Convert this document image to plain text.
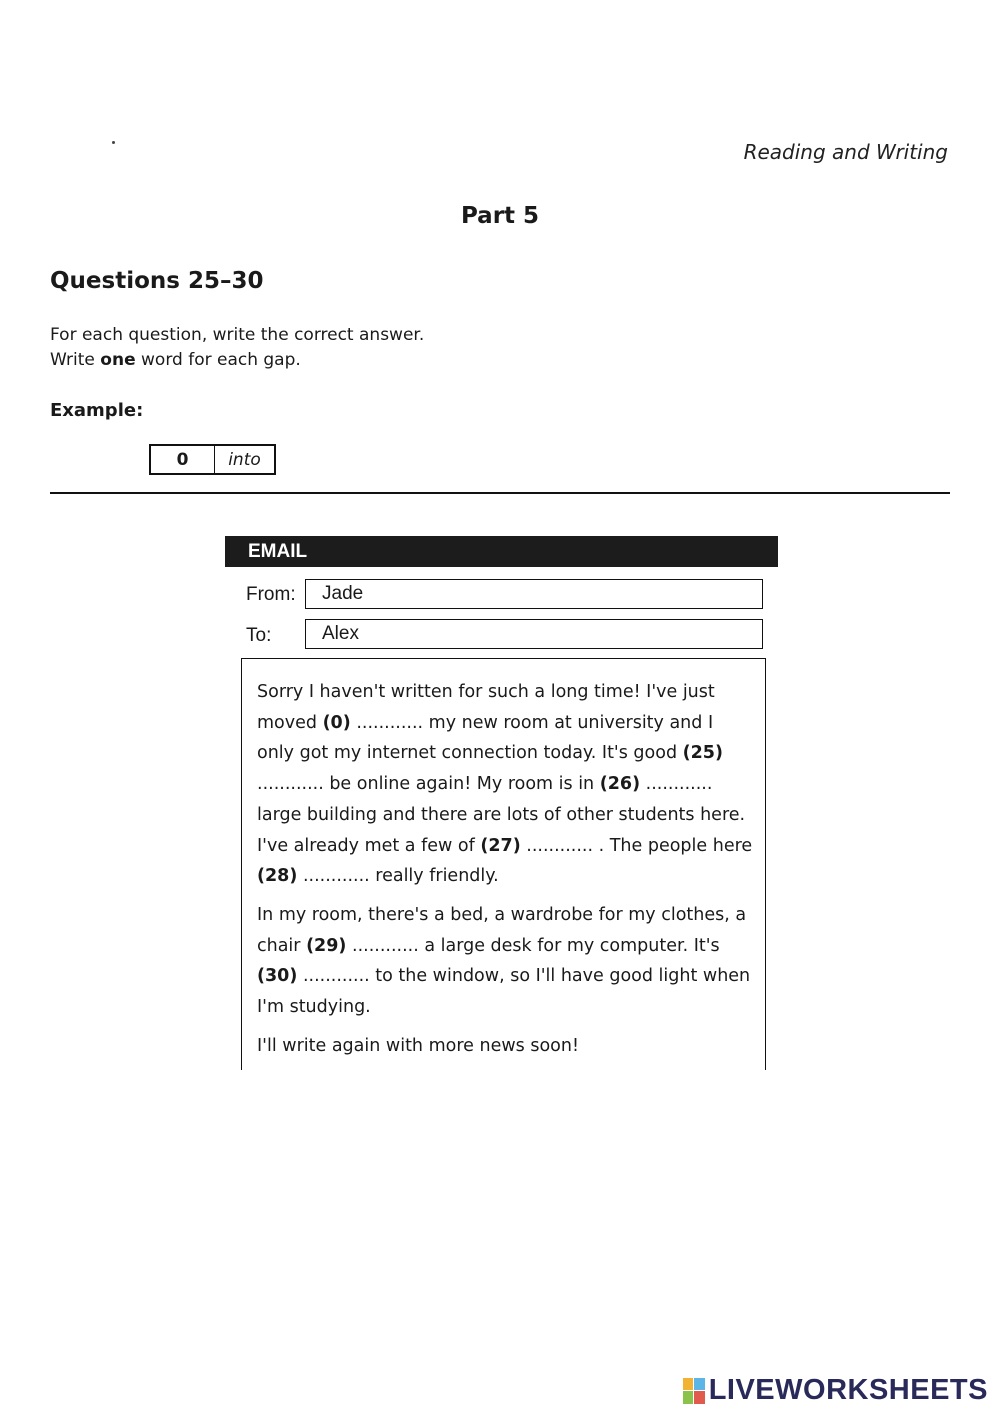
Reading and Writing
Part 5
Questions 25–30
For each question, write the correct answer.
Write one word for each gap.
Example:
0	into
EMAIL
From:	Jade
To:	Alex

Sorry I haven't written for such a long time! I've just moved (0) ............ my new room at university and I only got my internet connection today. It's good (25) ............ be online again! My room is in (26) ............ large building and there are lots of other students here. I've already met a few of (27) ............ . The people here (28) ............ really friendly.

In my room, there's a bed, a wardrobe for my clothes, a chair (29) ............ a large desk for my computer. It's (30) ............ to the window, so I'll have good light when I'm studying.

I'll write again with more news soon!

LIVEWORKSHEETS
